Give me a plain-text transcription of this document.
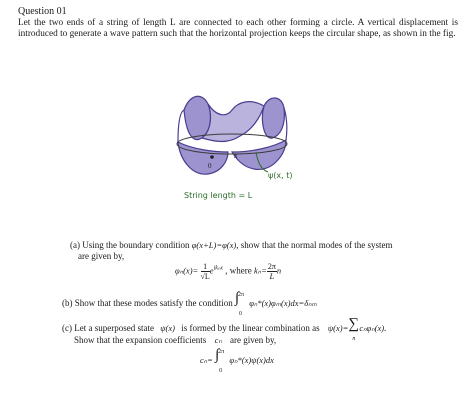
Question 01
Let the two ends of a string of length L are connected to each other forming a circle. A vertical displacement is introduced to generate a wave pattern such that the horizontal projection keeps the circular shape, as shown in the fig.
0
x
ψ(x, t)
String length = L
(a) Using the boundary condition φ(x+L)=φ(x), show that the normal modes of the system
are given by,
$\varphi_n(x)= \frac{1}{√L} e^{ik_nx}$ , where $k_n= \frac{2\pi}{L}$ n
(b) Show that these modes satisfy the condition
2π
∫
0
φₙ*(x)φₘ(x)dx=δₙₘ
(c) Let a superposed state ψ(x) is formed by the linear combination as ψ(x)= ∑
n
cₙφₙ(x).
Show that the expansion coefficients cₙ are given by,
cₙ=
2π
∫
0
φₙ*(x)ψ(x)dx
